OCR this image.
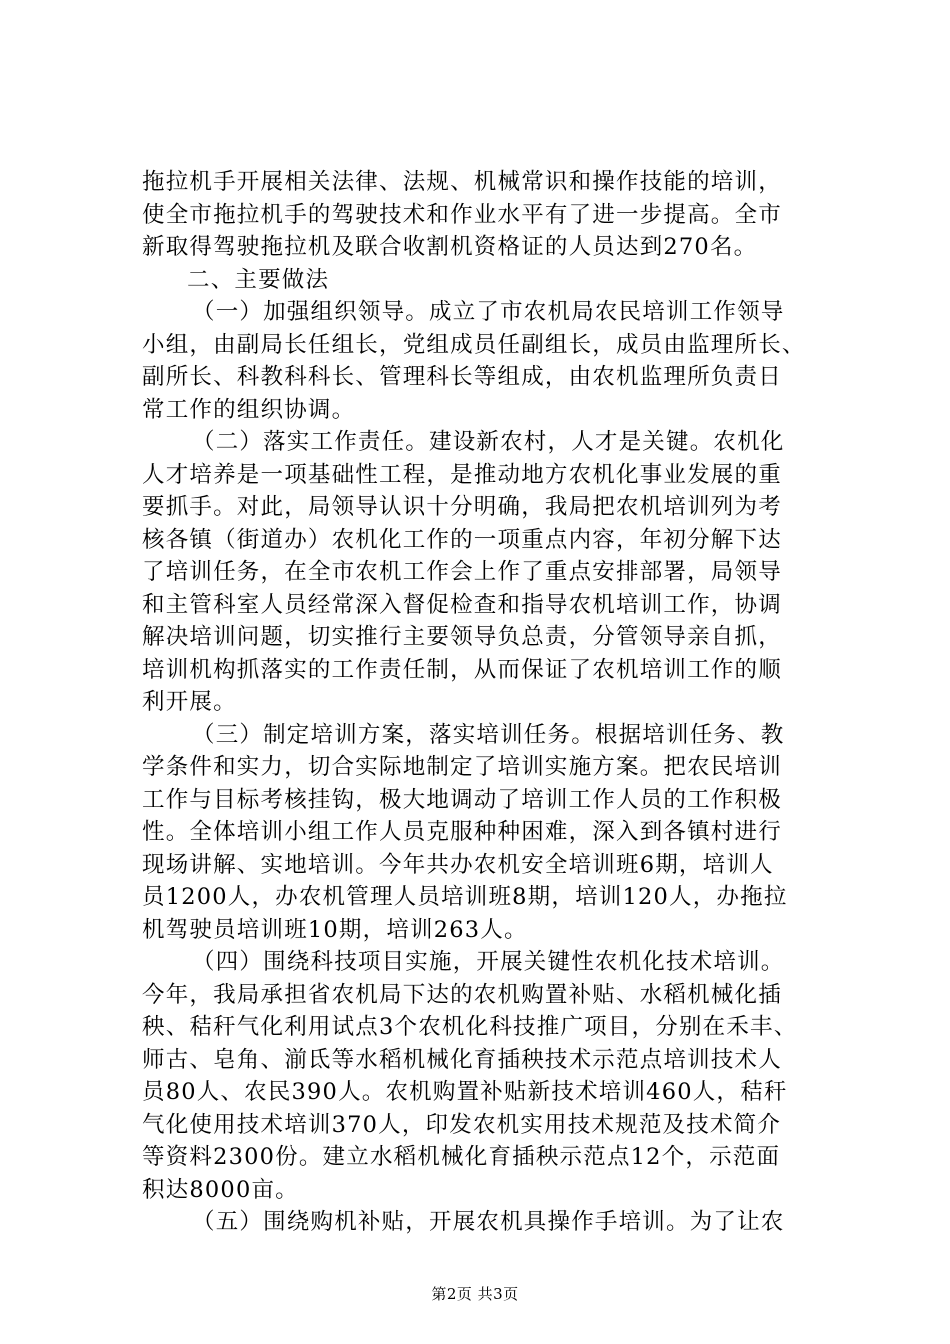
拖拉机手开展相关法律、法规、机械常识和操作技能的培训，
使全市拖拉机手的驾驶技术和作业水平有了进一步提高。全市
新取得驾驶拖拉机及联合收割机资格证的人员达到270名。
二、主要做法
（一）加强组织领导。成立了市农机局农民培训工作领导
小组，由副局长任组长，党组成员任副组长，成员由监理所长、
副所长、科教科科长、管理科长等组成，由农机监理所负责日
常工作的组织协调。
（二）落实工作责任。建设新农村，人才是关键。农机化
人才培养是一项基础性工程，是推动地方农机化事业发展的重
要抓手。对此，局领导认识十分明确，我局把农机培训列为考
核各镇（街道办）农机化工作的一项重点内容，年初分解下达
了培训任务，在全市农机工作会上作了重点安排部署，局领导
和主管科室人员经常深入督促检查和指导农机培训工作，协调
解决培训问题，切实推行主要领导负总责，分管领导亲自抓，
培训机构抓落实的工作责任制，从而保证了农机培训工作的顺
利开展。
（三）制定培训方案，落实培训任务。根据培训任务、教
学条件和实力，切合实际地制定了培训实施方案。把农民培训
工作与目标考核挂钩，极大地调动了培训工作人员的工作积极
性。全体培训小组工作人员克服种种困难，深入到各镇村进行
现场讲解、实地培训。今年共办农机安全培训班6期，培训人
员1200人，办农机管理人员培训班8期，培训120人，办拖拉
机驾驶员培训班10期，培训263人。
（四）围绕科技项目实施，开展关键性农机化技术培训。
今年，我局承担省农机局下达的农机购置补贴、水稻机械化插
秧、秸秆气化利用试点3个农机化科技推广项目，分别在禾丰、
师古、皂角、湔氐等水稻机械化育插秧技术示范点培训技术人
员80人、农民390人。农机购置补贴新技术培训460人，秸秆
气化使用技术培训370人，印发农机实用技术规范及技术简介
等资料2300份。建立水稻机械化育插秧示范点12个，示范面
积达8000亩。
（五）围绕购机补贴，开展农机具操作手培训。为了让农
第2页 共3页
